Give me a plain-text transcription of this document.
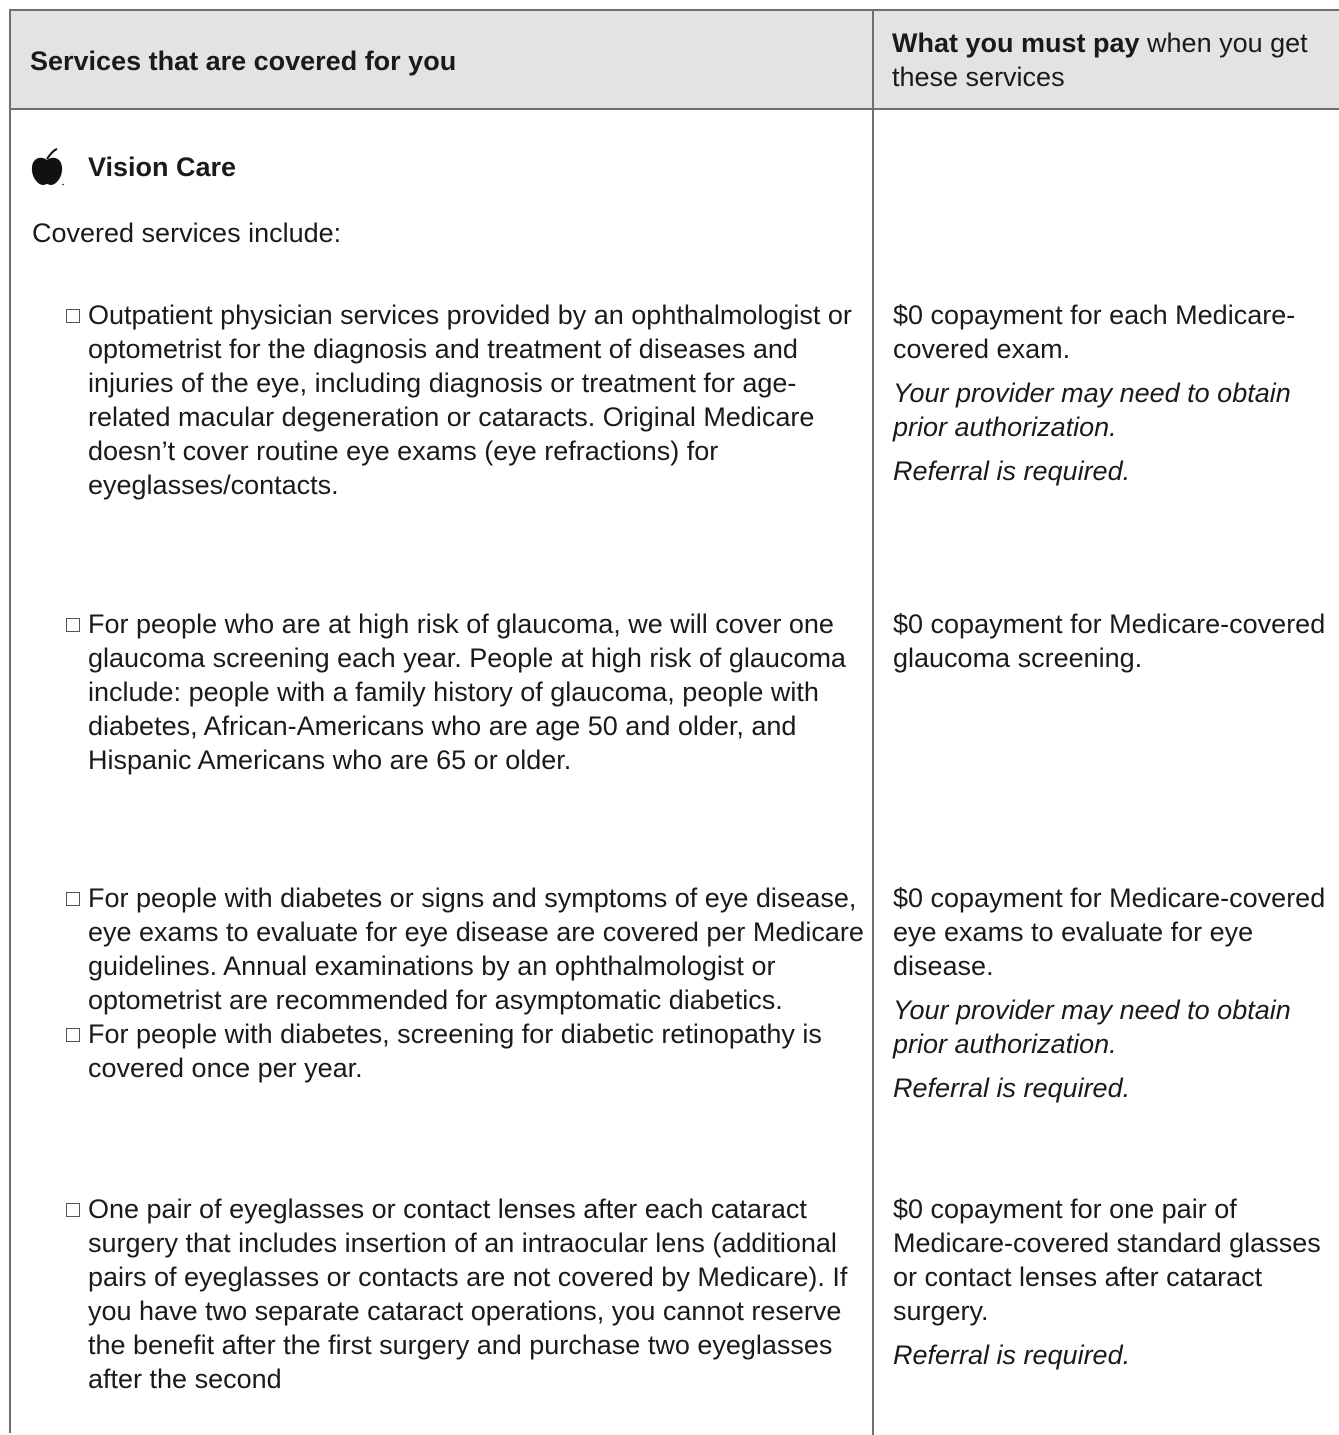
Services that are covered for you
What you must pay when you get these services
Vision Care
Covered services include:
Outpatient physician services provided by an ophthalmologist or optometrist for the diagnosis and treatment of diseases and injuries of the eye, including diagnosis or treatment for age-related macular degeneration or cataracts. Original Medicare doesn’t cover routine eye exams (eye refractions) for eyeglasses/contacts.
$0 copayment for each Medicare-covered exam.
Your provider may need to obtain prior authorization.
Referral is required.
For people who are at high risk of glaucoma, we will cover one glaucoma screening each year. People at high risk of glaucoma include: people with a family history of glaucoma, people with diabetes, African-Americans who are age 50 and older, and Hispanic Americans who are 65 or older.
$0 copayment for Medicare-covered glaucoma screening.
For people with diabetes or signs and symptoms of eye disease, eye exams to evaluate for eye disease are covered per Medicare guidelines. Annual examinations by an ophthalmologist or optometrist are recommended for asymptomatic diabetics.
For people with diabetes, screening for diabetic retinopathy is covered once per year.
$0 copayment for Medicare-covered eye exams to evaluate for eye disease.
Your provider may need to obtain prior authorization.
Referral is required.
One pair of eyeglasses or contact lenses after each cataract surgery that includes insertion of an intraocular lens (additional pairs of eyeglasses or contacts are not covered by Medicare). If you have two separate cataract operations, you cannot reserve the benefit after the first surgery and purchase two eyeglasses after the second
$0 copayment for one pair of Medicare-covered standard glasses or contact lenses after cataract surgery.
Referral is required.
